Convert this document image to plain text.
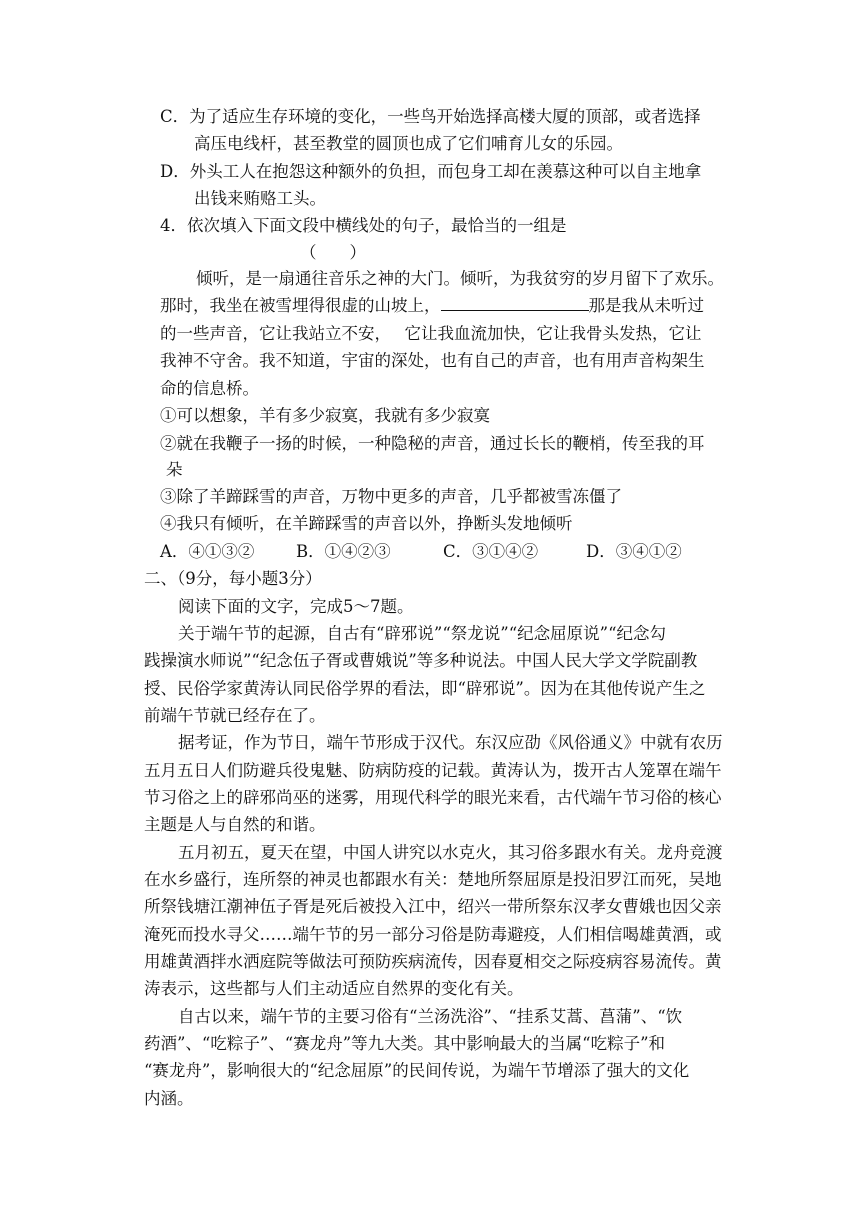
C．为了适应生存环境的变化，一些鸟开始选择高楼大厦的顶部，或者选择
高压电线杆，甚至教堂的圆顶也成了它们哺育儿女的乐园。
D．外头工人在抱怨这种额外的负担，而包身工却在羡慕这种可以自主地拿
出钱来贿赂工头。
4．依次填入下面文段中横线处的句子，最恰当的一组是
（　　）
倾听，是一扇通往音乐之神的大门。倾听，为我贫穷的岁月留下了欢乐。
那时，我坐在被雪埋得很虚的山坡上，	那是我从未听过
的一些声音，它让我站立不安，　 它让我血流加快，它让我骨头发热，它让
我神不守舍。我不知道，宇宙的深处，也有自己的声音，也有用声音构架生
命的信息桥。
①可以想象，羊有多少寂寞，我就有多少寂寞
②就在我鞭子一扬的时候，一种隐秘的声音，通过长长的鞭梢，传至我的耳
朵
③除了羊蹄踩雪的声音，万物中更多的声音，几乎都被雪冻僵了
④我只有倾听，在羊蹄踩雪的声音以外，挣断头发地倾听
A．④①③②	B．①④②③	C．③①④②	D．③④①②
二、（9分，每小题3分）
阅读下面的文字，完成5～7题。
关于端午节的起源，自古有“辟邪说”“祭龙说”“纪念屈原说”“纪念勾
践操演水师说”“纪念伍子胥或曹娥说”等多种说法。中国人民大学文学院副教
授、民俗学家黄涛认同民俗学界的看法，即“辟邪说”。因为在其他传说产生之
前端午节就已经存在了。
据考证，作为节日，端午节形成于汉代。东汉应劭《风俗通义》中就有农历
五月五日人们防避兵役鬼魅、防病防疫的记载。黄涛认为，拨开古人笼罩在端午
节习俗之上的辟邪尚巫的迷雾，用现代科学的眼光来看，古代端午节习俗的核心
主题是人与自然的和谐。
五月初五，夏天在望，中国人讲究以水克火，其习俗多跟水有关。龙舟竞渡
在水乡盛行，连所祭的神灵也都跟水有关：楚地所祭屈原是投汨罗江而死，吴地
所祭钱塘江潮神伍子胥是死后被投入江中，绍兴一带所祭东汉孝女曹娥也因父亲
淹死而投水寻父……端午节的另一部分习俗是防毒避疫，人们相信喝雄黄酒，或
用雄黄酒拌水洒庭院等做法可预防疾病流传，因春夏相交之际疫病容易流传。黄
涛表示，这些都与人们主动适应自然界的变化有关。
自古以来，端午节的主要习俗有“兰汤洗浴”、“挂系艾蒿、菖蒲”、“饮
药酒”、“吃粽子”、“赛龙舟”等九大类。其中影响最大的当属“吃粽子”和
“赛龙舟”，影响很大的“纪念屈原”的民间传说，为端午节增添了强大的文化
内涵。
